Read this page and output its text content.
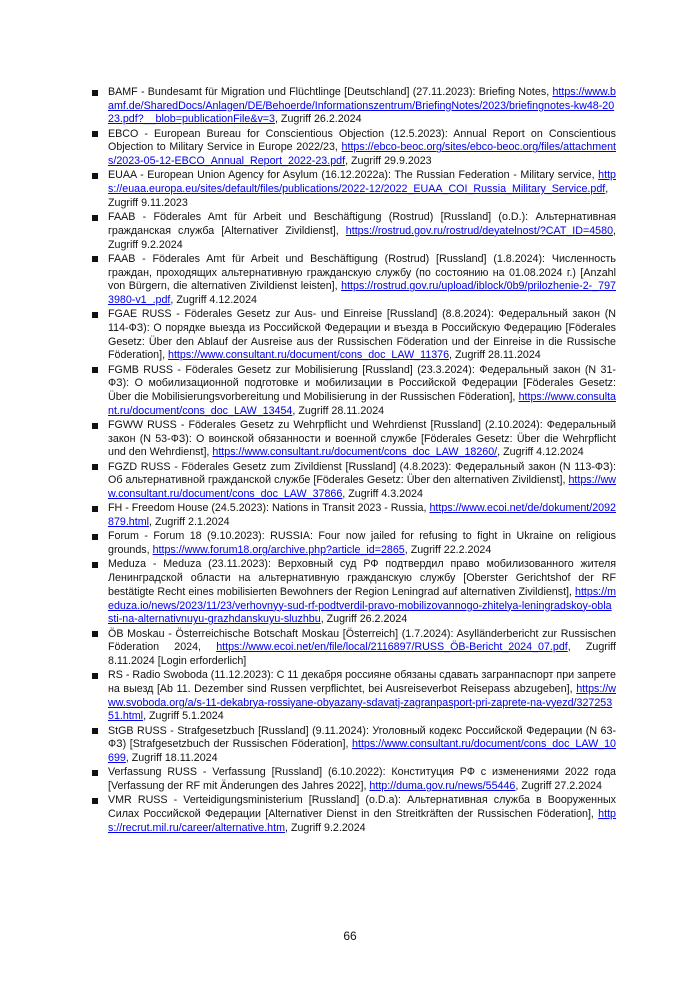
BAMF - Bundesamt für Migration und Flüchtlinge [Deutschland] (27.11.2023): Briefing Notes, https://www.bamf.de/SharedDocs/Anlagen/DE/Behoerde/Informationszentrum/BriefingNotes/2023/briefingnotes-kw48-2023.pdf?__blob=publicationFile&v=3, Zugriff 26.2.2024
EBCO - European Bureau for Conscientious Objection (12.5.2023): Annual Report on Conscientious Objection to Military Service in Europe 2022/23, https://ebco-beoc.org/sites/ebco-beoc.org/files/attachments/2023-05-12-EBCO_Annual_Report_2022-23.pdf, Zugriff 29.9.2023
EUAA - European Union Agency for Asylum (16.12.2022a): The Russian Federation - Military service, https://euaa.europa.eu/sites/default/files/publications/2022-12/2022_EUAA_COI_Russia_Military_Service.pdf, Zugriff 9.11.2023
FAAB - Föderales Amt für Arbeit und Beschäftigung (Rostrud) [Russland] (o.D.): Альтернативная гражданская служба [Alternativer Zivildienst], https://rostrud.gov.ru/rostrud/deyatelnost/?CAT_ID=4580, Zugriff 9.2.2024
FAAB - Föderales Amt für Arbeit und Beschäftigung (Rostrud) [Russland] (1.8.2024): Численность граждан, проходящих альтернативную гражданскую службу (по состоянию на 01.08.2024 г.) [Anzahl von Bürgern, die alternativen Zivildienst leisten], https://rostrud.gov.ru/upload/iblock/0b9/prilozhenie-2-_7973980-v1_.pdf, Zugriff 4.12.2024
FGAE RUSS - Föderales Gesetz zur Aus- und Einreise [Russland] (8.8.2024): Федеральный закон (N 114-ФЗ): О порядке выезда из Российской Федерации и въезда в Российскую Федерацию [Föderales Gesetz: Über den Ablauf der Ausreise aus der Russischen Föderation und der Einreise in die Russische Föderation], https://www.consultant.ru/document/cons_doc_LAW_11376, Zugriff 28.11.2024
FGMB RUSS - Föderales Gesetz zur Mobilisierung [Russland] (23.3.2024): Федеральный закон (N 31-ФЗ): О мобилизационной подготовке и мобилизации в Российской Федерации [Föderales Gesetz: Über die Mobilisierungsvorbereitung und Mobilisierung in der Russischen Föderation], https://www.consultant.ru/document/cons_doc_LAW_13454, Zugriff 28.11.2024
FGWW RUSS - Föderales Gesetz zu Wehrpflicht und Wehrdienst [Russland] (2.10.2024): Федеральный закон (N 53-ФЗ): О воинской обязанности и военной службе [Föderales Gesetz: Über die Wehrpflicht und den Wehrdienst], https://www.consultant.ru/document/cons_doc_LAW_18260/, Zugriff 4.12.2024
FGZD RUSS - Föderales Gesetz zum Zivildienst [Russland] (4.8.2023): Федеральный закон (N 113-ФЗ): Об альтернативной гражданской службе [Föderales Gesetz: Über den alternativen Zivildienst], https://www.consultant.ru/document/cons_doc_LAW_37866, Zugriff 4.3.2024
FH - Freedom House (24.5.2023): Nations in Transit 2023 - Russia, https://www.ecoi.net/de/dokument/2092879.html, Zugriff 2.1.2024
Forum - Forum 18 (9.10.2023): RUSSIA: Four now jailed for refusing to fight in Ukraine on religious grounds, https://www.forum18.org/archive.php?article_id=2865, Zugriff 22.2.2024
Meduza - Meduza (23.11.2023): Верховный суд РФ подтвердил право мобилизованного жителя Ленинградской области на альтернативную гражданскую службу [Oberster Gerichtshof der RF bestätigte Recht eines mobilisierten Bewohners der Region Leningrad auf alternativen Zivildienst], https://meduza.io/news/2023/11/23/verhovnyy-sud-rf-podtverdil-pravo-mobilizovannogo-zhitelya-leningradskoy-oblasti-na-alternativnuyu-grazhdanskuyu-sluzhbu, Zugriff 26.2.2024
ÖB Moskau - Österreichische Botschaft Moskau [Österreich] (1.7.2024): Asylländerbericht zur Russischen Föderation 2024, https://www.ecoi.net/en/file/local/2116897/RUSS_ÖB-Bericht_2024_07.pdf, Zugriff 8.11.2024 [Login erforderlich]
RS - Radio Swoboda (11.12.2023): С 11 декабря россияне обязаны сдавать загранпаспорт при запрете на выезд [Ab 11. Dezember sind Russen verpflichtet, bei Ausreiseverbot Reisepass abzugeben], https://www.svoboda.org/a/s-11-dekabrya-rossiyane-obyazany-sdavatj-zagranpasport-pri-zaprete-na-vyezd/32725351.html, Zugriff 5.1.2024
StGB RUSS - Strafgesetzbuch [Russland] (9.11.2024): Уголовный кодекс Российской Федерации (N 63-ФЗ) [Strafgesetzbuch der Russischen Föderation], https://www.consultant.ru/document/cons_doc_LAW_10699, Zugriff 18.11.2024
Verfassung RUSS - Verfassung [Russland] (6.10.2022): Конституция РФ с изменениями 2022 года [Verfassung der RF mit Änderungen des Jahres 2022], http://duma.gov.ru/news/55446, Zugriff 27.2.2024
VMR RUSS - Verteidigungsministerium [Russland] (o.D.a): Альтернативная служба в Вооруженных Силах Российской Федерации [Alternativer Dienst in den Streitkräften der Russischen Föderation], https://recrut.mil.ru/career/alternative.htm, Zugriff 9.2.2024
66
